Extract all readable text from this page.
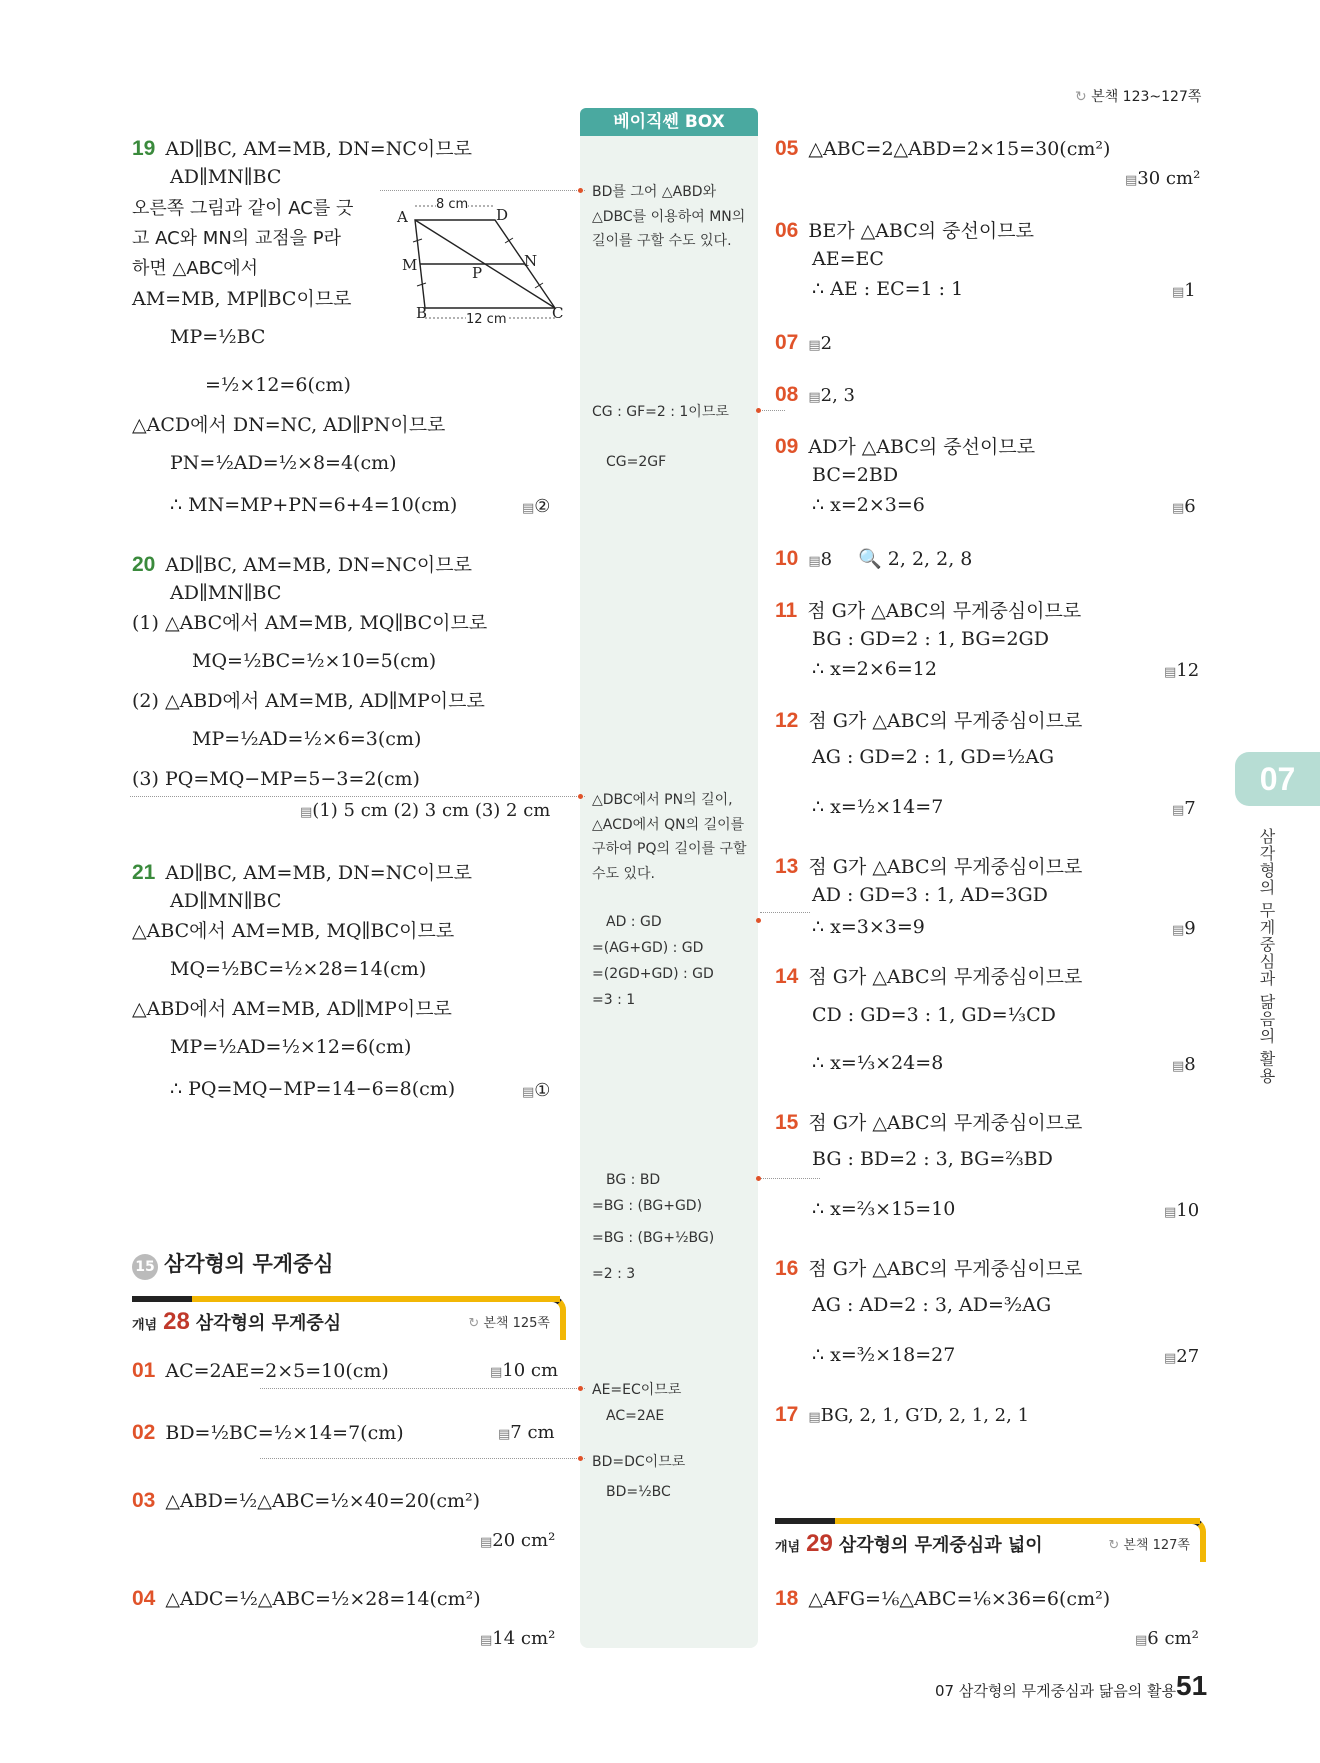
↻ 본책 123~127쪽
베이직쎈 BOX
BD를 그어 △ABD와 △DBC를 이용하여 MN의 길이를 구할 수도 있다.
CG : GF=2 : 1이므로
CG=2GF
△DBC에서 PN의 길이, △ACD에서 QN의 길이를 구하여 PQ의 길이를 구할 수도 있다.
AD : GD
=(AG+GD) : GD
=(2GD+GD) : GD
=3 : 1
BG : BD
=BG : (BG+GD)
=BG : (BG+½BG)
=2 : 3
AE=EC이므로
AC=2AE
BD=DC이므로
BD=½BC
19 AD∥BC, AM=MB, DN=NC이므로
AD∥MN∥BC
오른쪽 그림과 같이 AC를 긋
고 AC와 MN의 교점을 P라
하면 △ABC에서
AM=MB, MP∥BC이므로
MP=½BC
=½×12=6(cm)
△ACD에서 DN=NC, AD∥PN이므로
PN=½AD=½×8=4(cm)
∴ MN=MP+PN=6+4=10(cm)	▤ ②
A	D
M	N
P
B	C
8 cm
12 cm
20 AD∥BC, AM=MB, DN=NC이므로
AD∥MN∥BC
(1) △ABC에서 AM=MB, MQ∥BC이므로
MQ=½BC=½×10=5(cm)
(2) △ABD에서 AM=MB, AD∥MP이므로
MP=½AD=½×6=3(cm)
(3) PQ=MQ−MP=5−3=2(cm)
▤ (1) 5 cm (2) 3 cm (3) 2 cm
21 AD∥BC, AM=MB, DN=NC이므로
AD∥MN∥BC
△ABC에서 AM=MB, MQ∥BC이므로
MQ=½BC=½×28=14(cm)
△ABD에서 AM=MB, AD∥MP이므로
MP=½AD=½×12=6(cm)
∴ PQ=MQ−MP=14−6=8(cm)	▤ ①
15 삼각형의 무게중심
개념 28 삼각형의 무게중심	↻ 본책 125쪽
01 AC=2AE=2×5=10(cm)	▤ 10 cm
02 BD=½BC=½×14=7(cm)	▤ 7 cm
03 △ABD=½△ABC=½×40=20(cm²)
▤ 20 cm²
04 △ADC=½△ABC=½×28=14(cm²)
▤ 14 cm²
05 △ABC=2△ABD=2×15=30(cm²)
▤ 30 cm²
06 BE가 △ABC의 중선이므로
AE=EC
∴ AE : EC=1 : 1	▤ 1
07 ▤ 2
08 ▤ 2, 3
09 AD가 △ABC의 중선이므로
BC=2BD
∴ x=2×3=6	▤ 6
10 ▤ 8 🔍 2, 2, 2, 8
11 점 G가 △ABC의 무게중심이므로
BG : GD=2 : 1, BG=2GD
∴ x=2×6=12	▤ 12
12 점 G가 △ABC의 무게중심이므로
AG : GD=2 : 1, GD=½AG
∴ x=½×14=7	▤ 7
13 점 G가 △ABC의 무게중심이므로
AD : GD=3 : 1, AD=3GD
∴ x=3×3=9	▤ 9
14 점 G가 △ABC의 무게중심이므로
CD : GD=3 : 1, GD=⅓CD
∴ x=⅓×24=8	▤ 8
15 점 G가 △ABC의 무게중심이므로
BG : BD=2 : 3, BG=⅔BD
∴ x=⅔×15=10	▤ 10
16 점 G가 △ABC의 무게중심이므로
AG : AD=2 : 3, AD=³⁄₂AG
∴ x=³⁄₂×18=27	▤ 27
17 ▤ BG, 2, 1, G′D, 2, 1, 2, 1
개념 29 삼각형의 무게중심과 넓이	↻ 본책 127쪽
18 △AFG=⅙△ABC=⅙×36=6(cm²)
▤ 6 cm²
07
삼각형의 무게중심과 닮음의 활용
07 삼각형의 무게중심과 닮음의 활용 51
